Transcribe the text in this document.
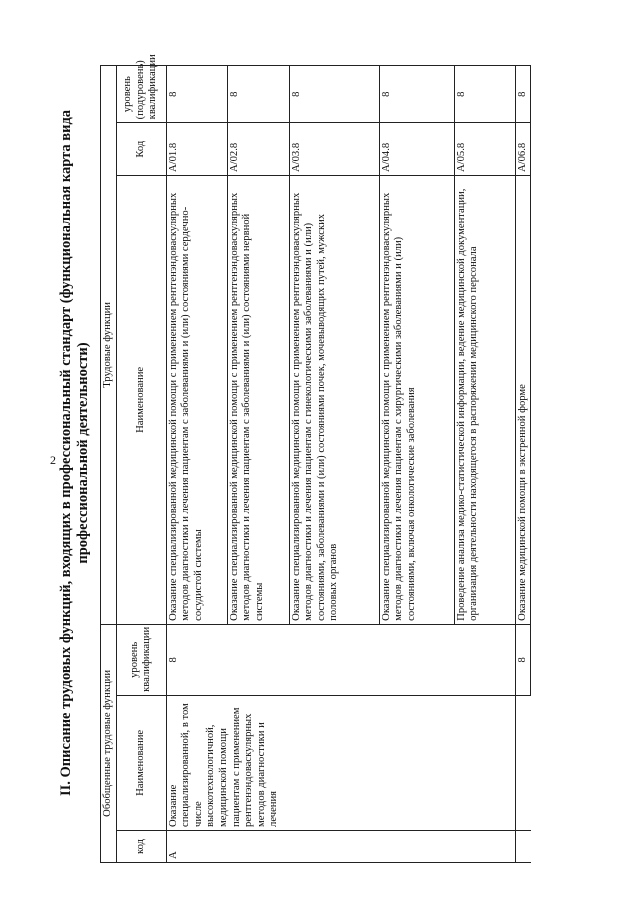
2 II. Описание трудовых функций, входящих в профессиональный стандарт (функциональная карта вида профессиональной деятельности)
Обобщенные трудовые функции			Трудовые функции		
код	Наименование	уровень квалификации	Наименование	Код	уровень (подуровень) квалификации
A	Оказание специализированной, в том числе высокотехнологичной, медицинской помощи пациентам с применением рентгенэндоваскулярных методов диагностики и лечения	8	Оказание специализированной медицинской помощи с применением рентгенэндоваскулярных методов диагностики и лечения пациентам с заболеваниями и (или) состояниями сердечно-сосудистой системы	A/01.8	8
			Оказание специализированной медицинской помощи с применением рентгенэндоваскулярных методов диагностики и лечения пациентам с заболеваниями и (или) состояниями нервной системы	A/02.8	8
			Оказание специализированной медицинской помощи с применением рентгенэндоваскулярных методов диагностики и лечения пациентам с гинекологическими заболеваниями и (или) состояниями, заболеваниями и (или) состояниями почек, мочевыводящих путей, мужских половых органов	A/03.8	8
			Оказание специализированной медицинской помощи с применением рентгенэндоваскулярных методов диагностики и лечения пациентам с хирургическими заболеваниями и (или) состояниями, включая онкологические заболевания	A/04.8	8
			Проведение анализа медико-статистической информации, ведение медицинской документации, организация деятельности находящегося в распоряжении медицинского персонала	A/05.8	8
		8	Оказание медицинской помощи в экстренной форме	A/06.8	8
